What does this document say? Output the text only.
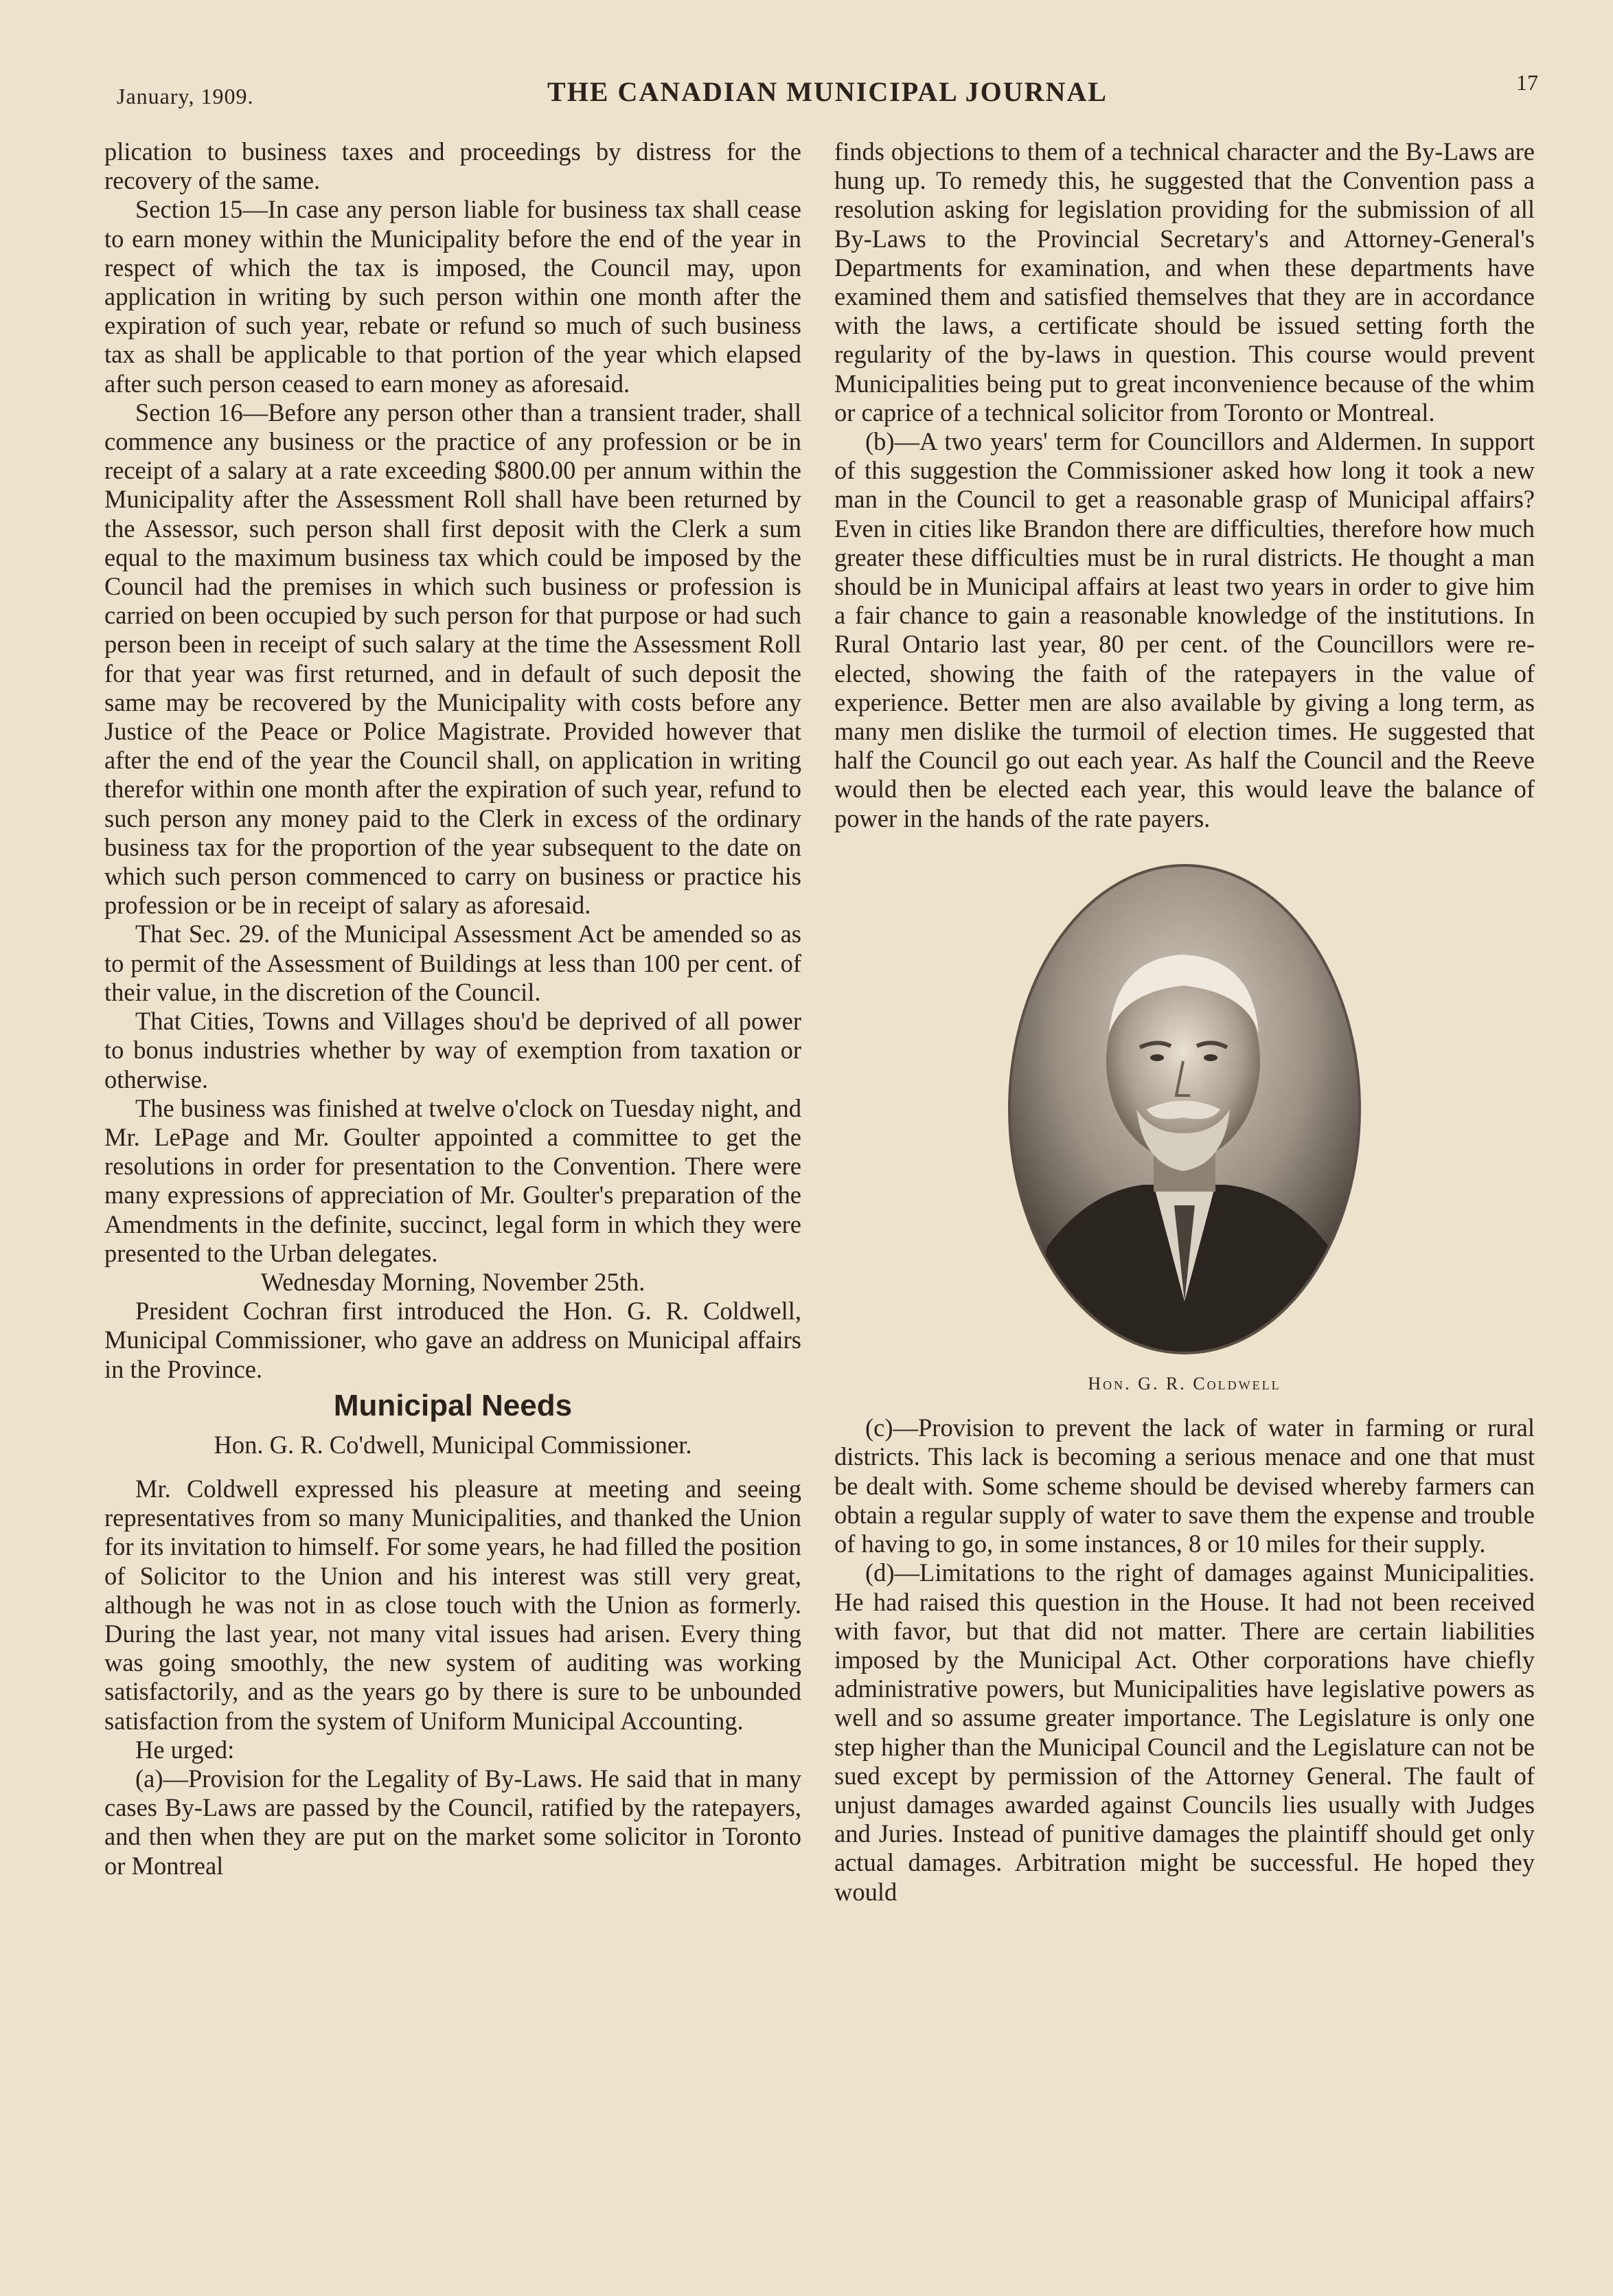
January, 1909.	THE CANADIAN MUNICIPAL JOURNAL	17

plication to business taxes and proceedings by distress for the recovery of the same.

Section 15—In case any person liable for business tax shall cease to earn money within the Municipality before the end of the year in respect of which the tax is imposed, the Council may, upon application in writing by such person within one month after the expiration of such year, rebate or refund so much of such business tax as shall be applicable to that portion of the year which elapsed after such person ceased to earn money as aforesaid.

Section 16—Before any person other than a transient trader, shall commence any business or the practice of any profession or be in receipt of a salary at a rate exceeding $800.00 per annum within the Municipality after the Assessment Roll shall have been returned by the Assessor, such person shall first deposit with the Clerk a sum equal to the maximum business tax which could be imposed by the Council had the premises in which such business or profession is carried on been occupied by such person for that purpose or had such person been in receipt of such salary at the time the Assessment Roll for that year was first returned, and in default of such deposit the same may be recovered by the Municipality with costs before any Justice of the Peace or Police Magistrate. Provided however that after the end of the year the Council shall, on application in writing therefor within one month after the expiration of such year, refund to such person any money paid to the Clerk in excess of the ordinary business tax for the proportion of the year subsequent to the date on which such person commenced to carry on business or practice his profession or be in receipt of salary as aforesaid.

That Sec. 29. of the Municipal Assessment Act be amended so as to permit of the Assessment of Buildings at less than 100 per cent. of their value, in the discretion of the Council.

That Cities, Towns and Villages shou'd be deprived of all power to bonus industries whether by way of exemption from taxation or otherwise.

The business was finished at twelve o'clock on Tuesday night, and Mr. LePage and Mr. Goulter appointed a committee to get the resolutions in order for presentation to the Convention. There were many expressions of appreciation of Mr. Goulter's preparation of the Amendments in the definite, succinct, legal form in which they were presented to the Urban delegates.

Wednesday Morning, November 25th.

President Cochran first introduced the Hon. G. R. Coldwell, Municipal Commissioner, who gave an address on Municipal affairs in the Province.

Municipal Needs

Hon. G. R. Co'dwell, Municipal Commissioner.

Mr. Coldwell expressed his pleasure at meeting and seeing representatives from so many Municipalities, and thanked the Union for its invitation to himself. For some years, he had filled the position of Solicitor to the Union and his interest was still very great, although he was not in as close touch with the Union as formerly. During the last year, not many vital issues had arisen. Every thing was going smoothly, the new system of auditing was working satisfactorily, and as the years go by there is sure to be unbounded satisfaction from the system of Uniform Municipal Accounting.

He urged:

(a)—Provision for the Legality of By-Laws. He said that in many cases By-Laws are passed by the Council, ratified by the ratepayers, and then when they are put on the market some solicitor in Toronto or Montreal

finds objections to them of a technical character and the By-Laws are hung up. To remedy this, he suggested that the Convention pass a resolution asking for legislation providing for the submission of all By-Laws to the Provincial Secretary's and Attorney-General's Departments for examination, and when these departments have examined them and satisfied themselves that they are in accordance with the laws, a certificate should be issued setting forth the regularity of the by-laws in question. This course would prevent Municipalities being put to great inconvenience because of the whim or caprice of a technical solicitor from Toronto or Montreal.

(b)—A two years' term for Councillors and Aldermen. In support of this suggestion the Commissioner asked how long it took a new man in the Council to get a reasonable grasp of Municipal affairs? Even in cities like Brandon there are difficulties, therefore how much greater these difficulties must be in rural districts. He thought a man should be in Municipal affairs at least two years in order to give him a fair chance to gain a reasonable knowledge of the institutions. In Rural Ontario last year, 80 per cent. of the Councillors were re-elected, showing the faith of the ratepayers in the value of experience. Better men are also available by giving a long term, as many men dislike the turmoil of election times. He suggested that half the Council go out each year. As half the Council and the Reeve would then be elected each year, this would leave the balance of power in the hands of the rate payers.

Hon. G. R. Coldwell

(c)—Provision to prevent the lack of water in farming or rural districts. This lack is becoming a serious menace and one that must be dealt with. Some scheme should be devised whereby farmers can obtain a regular supply of water to save them the expense and trouble of having to go, in some instances, 8 or 10 miles for their supply.

(d)—Limitations to the right of damages against Municipalities. He had raised this question in the House. It had not been received with favor, but that did not matter. There are certain liabilities imposed by the Municipal Act. Other corporations have chiefly administrative powers, but Municipalities have legislative powers as well and so assume greater importance. The Legislature is only one step higher than the Municipal Council and the Legislature can not be sued except by permission of the Attorney General. The fault of unjust damages awarded against Councils lies usually with Judges and Juries. Instead of punitive damages the plaintiff should get only actual damages. Arbitration might be successful. He hoped they would
